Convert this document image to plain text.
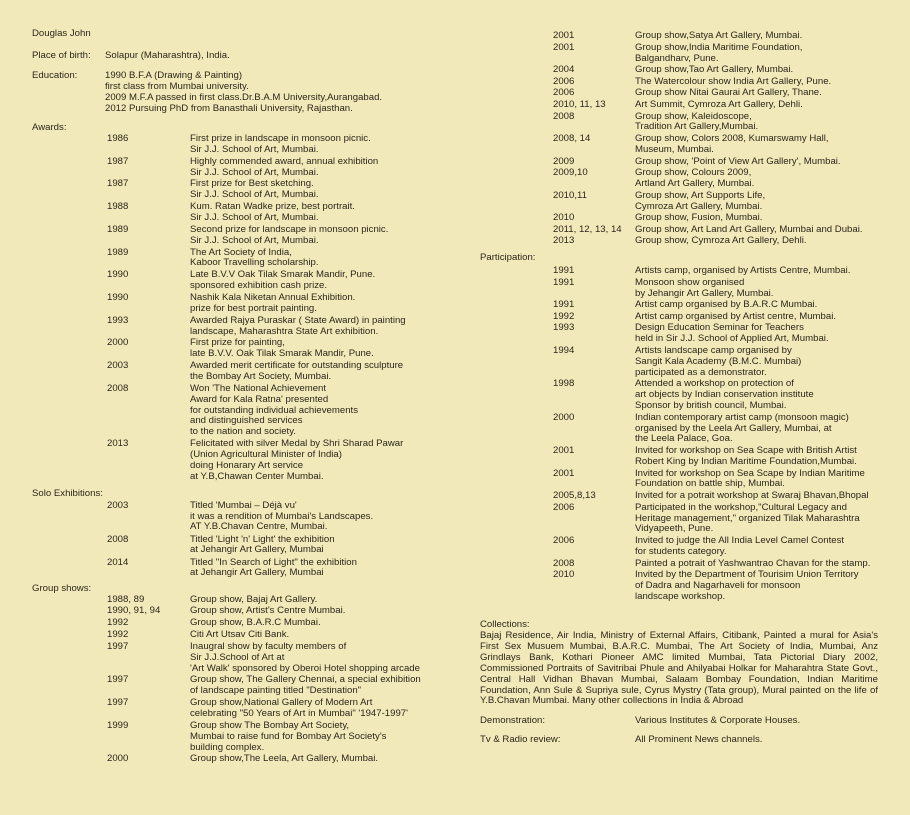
Douglas John
Place of birth: Solapur (Maharashtra), India.
Education:	1990 B.F.A (Drawing & Painting)
first class from Mumbai university.
2009 M.F.A passed in first class.Dr.B.A.M University,Aurangabad.
2012 Pursuing PhD from Banasthali University, Rajasthan.
Awards:
1986	First prize in landscape in monsoon picnic.
Sir J.J. School of Art, Mumbai.
1987	Highly commended award, annual exhibition
Sir J.J. School of Art, Mumbai.
1987	First prize for Best sketching.
Sir J.J. School of Art, Mumbai.
1988	Kum. Ratan Wadke prize, best portrait.
Sir J.J. School of Art, Mumbai.
1989	Second prize for landscape in monsoon picnic.
Sir J.J. School of Art, Mumbai.
1989	The Art Society of India,
Kaboor Travelling scholarship.
1990	Late B.V.V Oak Tilak Smarak Mandir, Pune.
sponsored exhibition cash prize.
1990	Nashik Kala Niketan Annual Exhibition.
prize for best portrait painting.
1993	Awarded Rajya Puraskar ( State Award) in painting
landscape, Maharashtra State Art exhibition.
2000	First prize for painting,
late B.V.V. Oak Tilak Smarak Mandir, Pune.
2003	Awarded merit certificate for outstanding sculpture
the Bombay Art Society, Mumbai.
2008	Won 'The National Achievement
Award for Kala Ratna' presented
for outstanding individual achievements
and distinguished services
to the nation and society.
2013	Felicitated with silver Medal by Shri Sharad Pawar
(Union Agricultural Minister of India)
doing Honarary Art service
at Y.B,Chawan Center Mumbai.
Solo Exhibitions:
2003	Titled 'Mumbai – Déjà vu'
it was a rendition of Mumbai's Landscapes.
AT Y.B.Chavan Centre, Mumbai.
2008	Titled 'Light 'n' Light' the exhibition
at Jehangir Art Gallery, Mumbai
2014	Titled "In Search of Light" the exhibition
at Jehangir Art Gallery, Mumbai
Group shows:
1988, 89	Group show, Bajaj Art Gallery.
1990, 91, 94	Group show, Artist's Centre Mumbai.
1992	Group show, B.A.R.C Mumbai.
1992	Citi Art Utsav Citi Bank.
1997	Inaugral show by faculty members of
Sir J.J.School of Art at
'Art Walk' sponsored by Oberoi Hotel shopping arcade
1997	Group show, The Gallery Chennai, a special exhibition
of landscape painting titled "Destination"
1997	Group show,National Gallery of Modern Art
celebrating "50 Years of Art in Mumbai" '1947-1997'
1999	Group show The Bombay Art Society,
Mumbai to raise fund for Bombay Art Society's
building complex.
2000	Group show,The Leela, Art Gallery, Mumbai.
2001	Group show,Satya Art Gallery, Mumbai.
2001	Group show,India Maritime Foundation,
Balgandharv, Pune.
2004	Group show,Tao Art Gallery, Mumbai.
2006	The Watercolour show India Art Gallery, Pune.
2006	Group show Nitai Gaurai Art Gallery, Thane.
2010, 11, 13	Art Summit, Cymroza Art Gallery, Dehli.
2008	Group show, Kaleidoscope,
Tradition Art Gallery,Mumbai.
2008, 14	Group show, Colors 2008, Kumarswamy Hall,
Museum, Mumbai.
2009	Group show, 'Point of View Art Gallery', Mumbai.
2009,10	Group show, Colours 2009,
Artland Art Gallery, Mumbai.
2010,11	Group show, Art Supports Life,
Cymroza Art Gallery, Mumbai.
2010	Group show, Fusion, Mumbai.
2011, 12, 13, 14 Group show, Art Land Art Gallery, Mumbai and Dubai.
2013	Group show, Cymroza Art Gallery, Dehli.
Participation:
1991	Artists camp, organised by Artists Centre, Mumbai.
1991	Monsoon show organised
by Jehangir Art Gallery, Mumbai.
1991	Artist camp organised by B.A.R.C Mumbai.
1992	Artist camp organised by Artist centre, Mumbai.
1993	Design Education Seminar for Teachers
held in Sir J.J. School of Applied Art, Mumbai.
1994	Artists landscape camp organised by
Sangit Kala Academy (B.M.C. Mumbai)
participated as a demonstrator.
1998	Attended a workshop on protection of
art objects by Indian conservation institute
Sponsor by british council, Mumbai.
2000	Indian contemporary artist camp (monsoon magic)
organised by the Leela Art Gallery, Mumbai, at
the Leela Palace, Goa.
2001	Invited for workshop on Sea Scape with British Artist
Robert King by Indian Maritime Foundation,Mumbai.
2001	Invited for workshop on Sea Scape by Indian Maritime
Foundation on battle ship, Mumbai.
2005,8,13	Invited for a potrait workshop at Swaraj Bhavan,Bhopal
2006	Participated in the workshop,"Cultural Legacy and
Heritage management," organized Tilak Maharashtra
Vidyapeeth, Pune.
2006	Invited to judge the All India Level Camel Contest
for students category.
2008	Painted a potrait of Yashwantrao Chavan for the stamp.
2010	Invited by the Department of Tourisim Union Territory
of Dadra and Nagarhaveli for monsoon
landscape workshop.
Collections:
Bajaj Residence, Air India, Ministry of External Affairs, Citibank, Painted a mural for Asia's
First Sex Musuem Mumbai, B.A.R.C. Mumbai, The Art Society of India, Mumbai, Anz
Grindlays Bank, Kothari Pioneer AMC limited Mumbai, Tata Pictorial Diary 2002,
Commissioned Portraits of Savitribai Phule and Ahilyabai Holkar for Maharahtra State Govt.,
Central Hall Vidhan Bhavan Mumbai, Salaam Bombay Foundation, Indian Maritime
Foundation, Ann Sule & Supriya sule, Cyrus Mystry (Tata group), Mural painted on the life of
Y.B.Chavan Mumbai. Many other collections in India & Abroad
Demonstration:	Various Institutes & Corporate Houses.
Tv & Radio review:	All Prominent News channels.
